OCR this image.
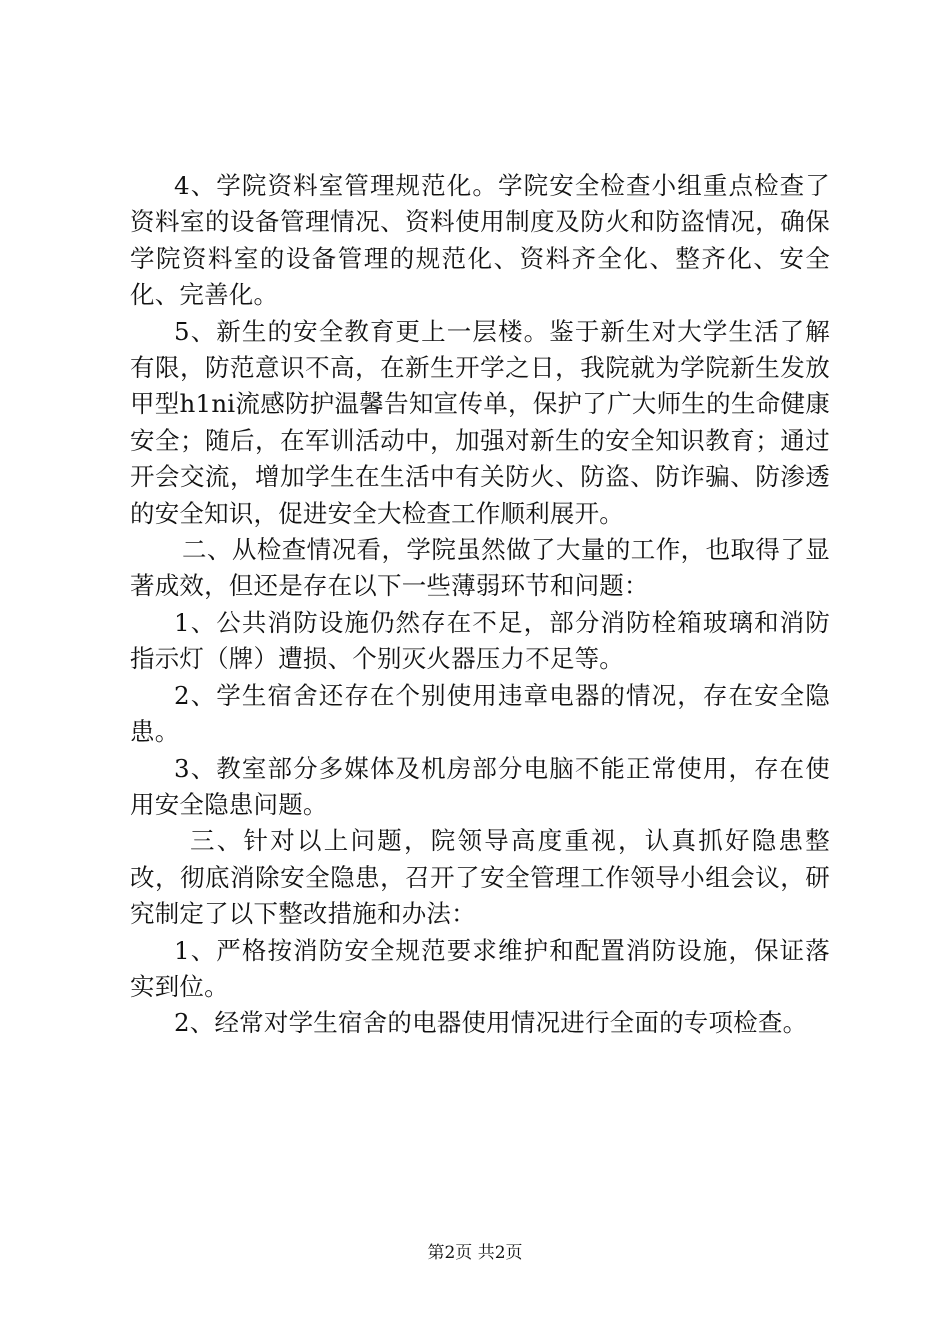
4、学院资料室管理规范化。学院安全检查小组重点检查了资料室的设备管理情况、资料使用制度及防火和防盗情况，确保学院资料室的设备管理的规范化、资料齐全化、整齐化、安全化、完善化。

5、新生的安全教育更上一层楼。鉴于新生对大学生活了解有限，防范意识不高，在新生开学之日，我院就为学院新生发放甲型h1ni流感防护温馨告知宣传单，保护了广大师生的生命健康安全；随后，在军训活动中，加强对新生的安全知识教育；通过开会交流，增加学生在生活中有关防火、防盗、防诈骗、防渗透的安全知识，促进安全大检查工作顺利展开。

二、从检查情况看，学院虽然做了大量的工作，也取得了显著成效，但还是存在以下一些薄弱环节和问题：

1、公共消防设施仍然存在不足，部分消防栓箱玻璃和消防指示灯（牌）遭损、个别灭火器压力不足等。

2、学生宿舍还存在个别使用违章电器的情况，存在安全隐患。

3、教室部分多媒体及机房部分电脑不能正常使用，存在使用安全隐患问题。

三、针对以上问题，院领导高度重视，认真抓好隐患整改，彻底消除安全隐患，召开了安全管理工作领导小组会议，研究制定了以下整改措施和办法：

1、严格按消防安全规范要求维护和配置消防设施，保证落实到位。

2、经常对学生宿舍的电器使用情况进行全面的专项检查。

第2页 共2页
